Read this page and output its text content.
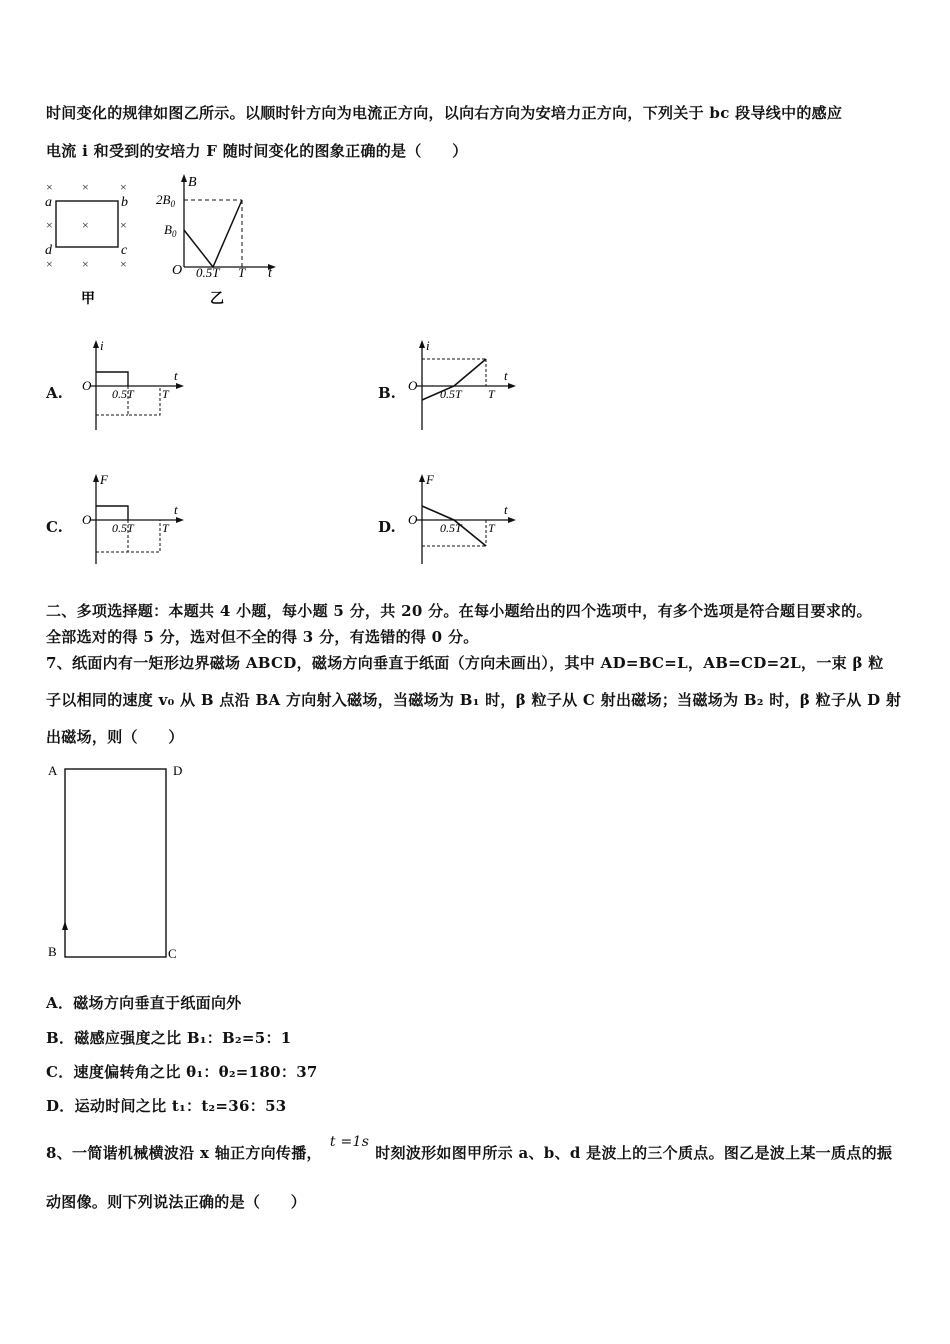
时间变化的规律如图乙所示。以顺时针方向为电流正方向，以向右方向为安培力正方向，下列关于 bc 段导线中的感应
电流 i 和受到的安培力 F 随时间变化的图象正确的是（　　）
× ×	×
×
×	×
× ×	×
a	b
c
d
甲
B
t
O
$2B_0$
$B_0$
0.5T T
乙
A.
i
t
O
0.5T T	B.
i
t
O
0.5T T
C.
F
t
O
0.5T T	D.
F
t
O
0.5T T
二、多项选择题：本题共 4 小题，每小题 5 分，共 20 分。在每小题给出的四个选项中，有多个选项是符合题目要求的。
全部选对的得 5 分，选对但不全的得 3 分，有选错的得 0 分。
7、纸面内有一矩形边界磁场 ABCD，磁场方向垂直于纸面（方向未画出），其中 AD=BC=L，AB=CD=2L，一束 β 粒
子以相同的速度 v₀ 从 B 点沿 BA 方向射入磁场，当磁场为 B₁ 时，β 粒子从 C 射出磁场；当磁场为 B₂ 时，β 粒子从 D 射
出磁场，则（　　）
A	D
B	C
A．磁场方向垂直于纸面向外
B．磁感应强度之比 B₁：B₂=5：1
C．速度偏转角之比 θ₁：θ₂=180：37
D．运动时间之比 t₁：t₂=36：53
8、一简谐机械横波沿 x 轴正方向传播，t =1s时刻波形如图甲所示 a、b、d 是波上的三个质点。图乙是波上某一质点的振
动图像。则下列说法正确的是（　　）
